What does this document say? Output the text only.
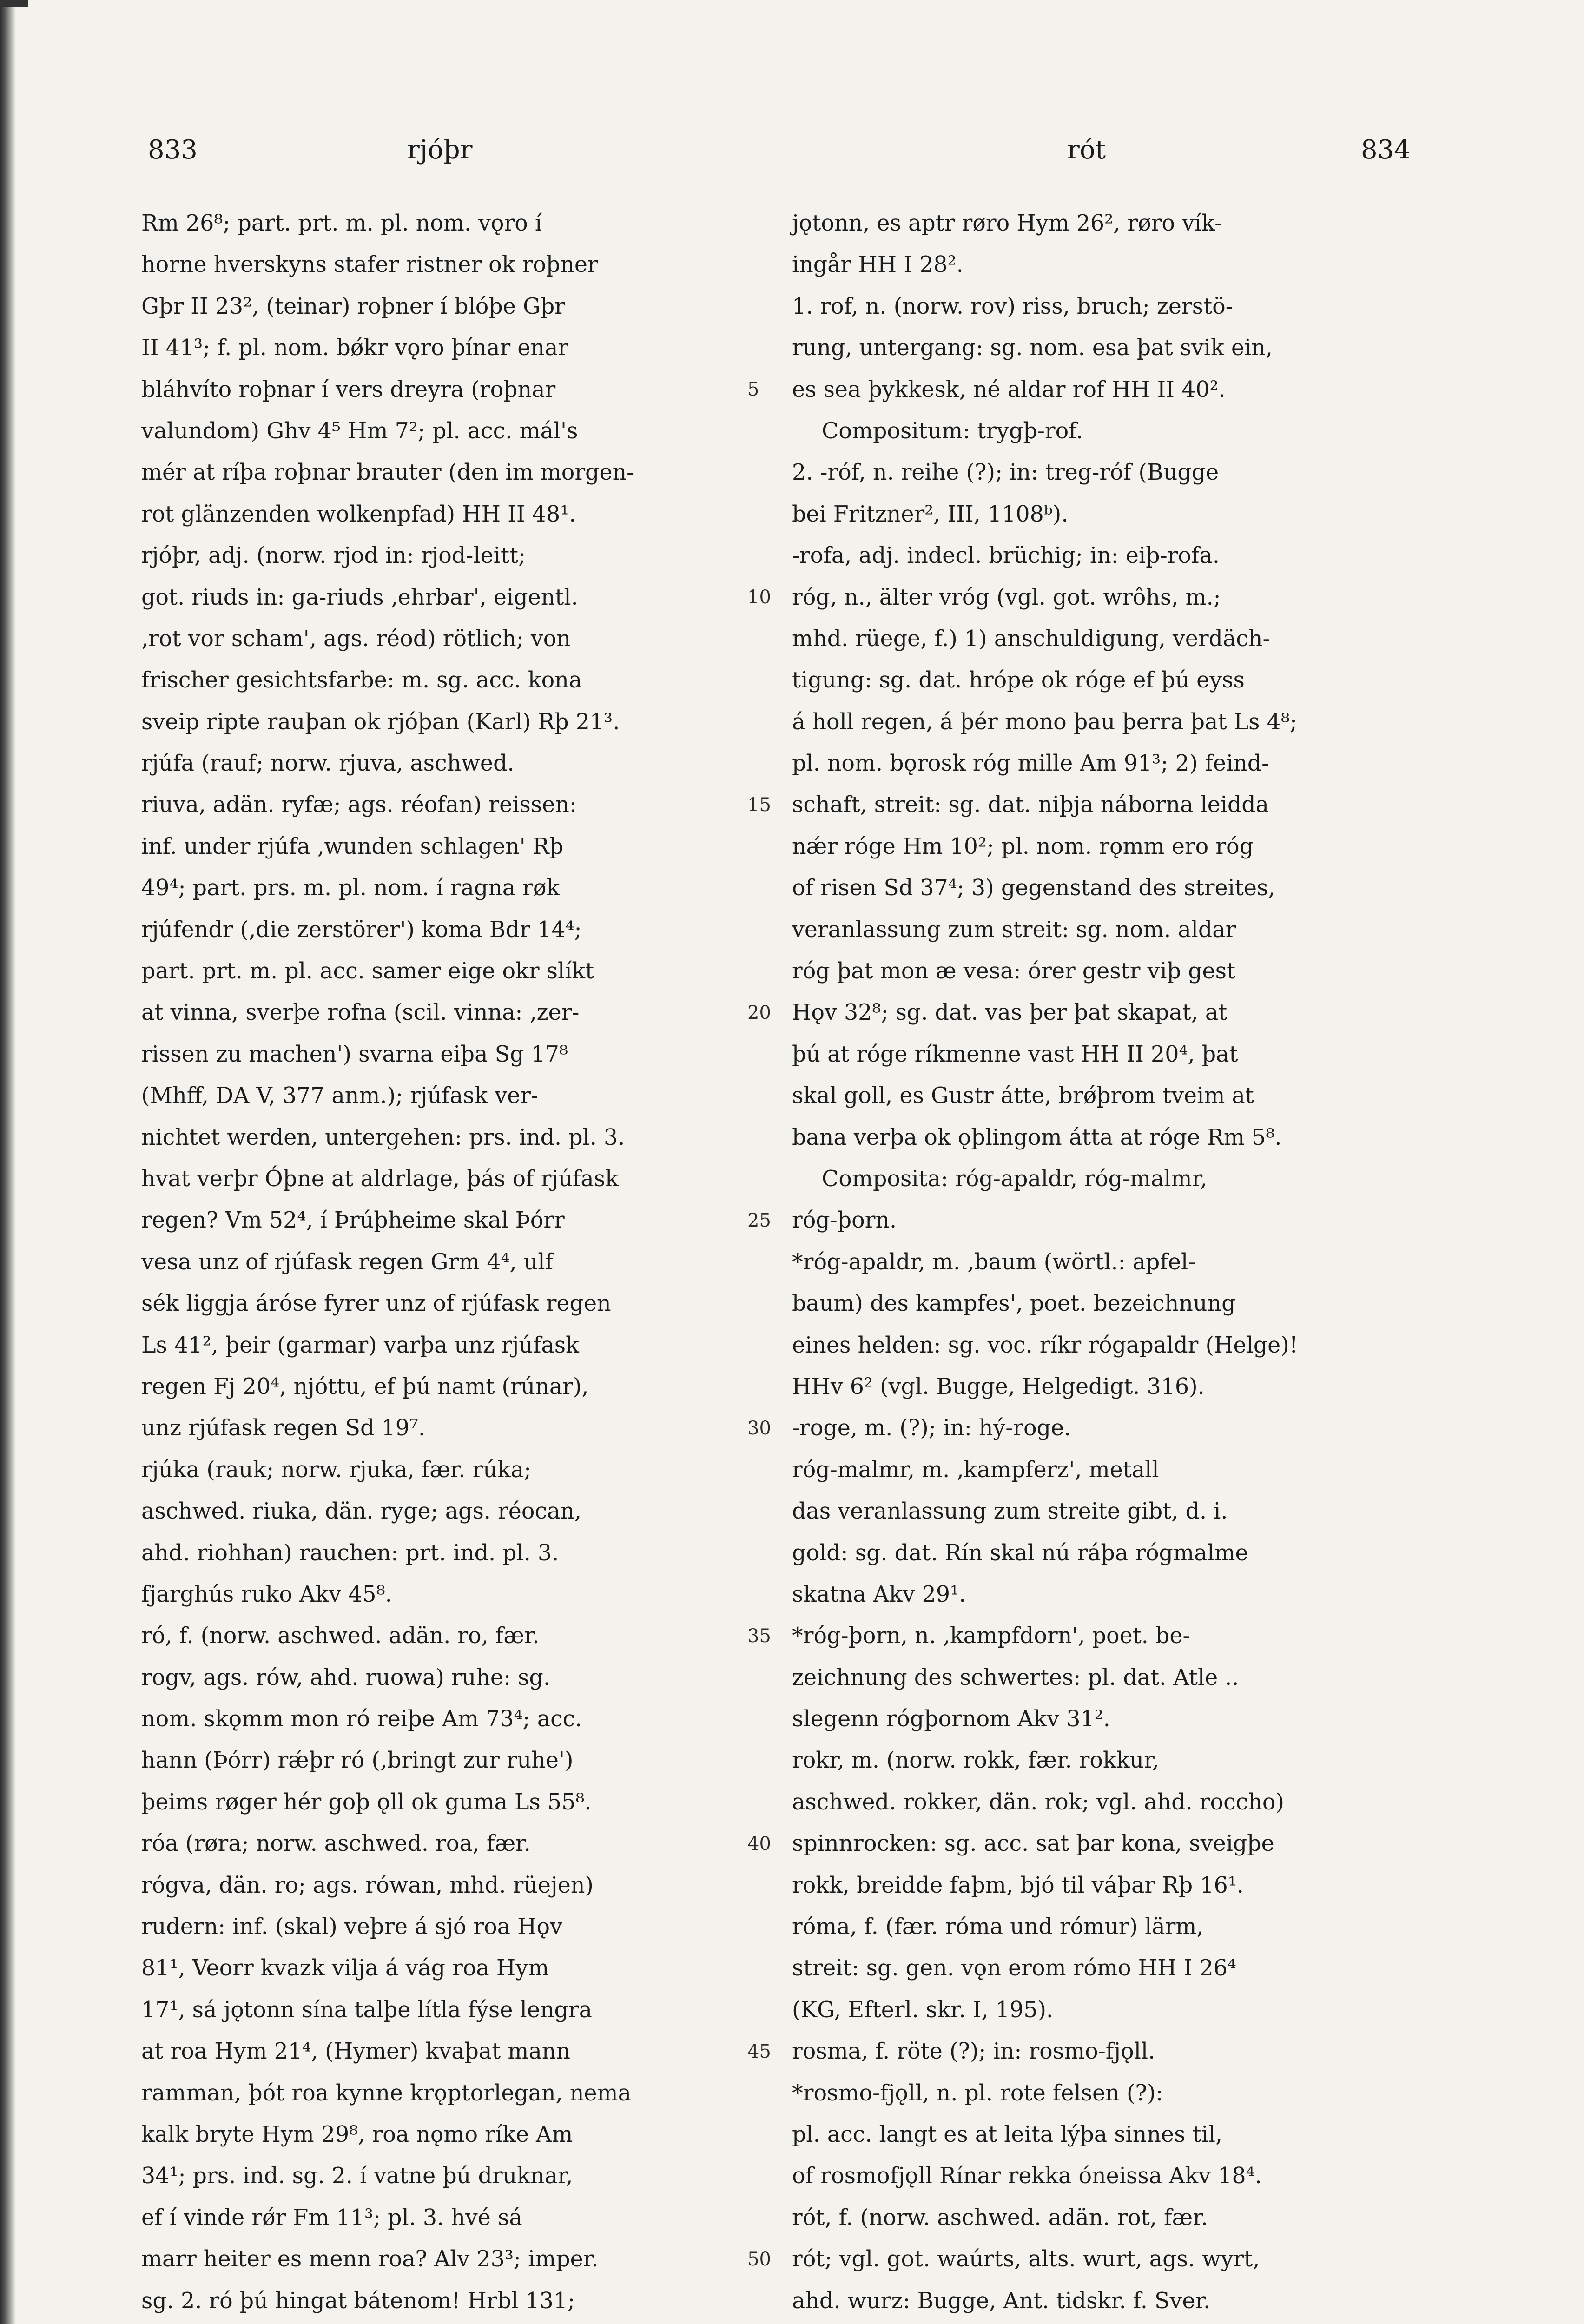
833	rjóþr	rót	834
Rm 26⁸; part. prt. m. pl. nom. vǫro í
horne hverskyns stafer ristner ok roþner
Gþr II 23², (teinar) roþner í blóþe Gþr
II 41³; f. pl. nom. bǿkr vǫro þínar enar
bláhvíto roþnar í vers dreyra (roþnar
valundom) Ghv 4⁵ Hm 7²; pl. acc. mál's
mér at ríþa roþnar brauter (den im morgen-
rot glänzenden wolkenpfad) HH II 48¹.
rjóþr, adj. (norw. rjod in: rjod-leitt;
got. riuds in: ga-riuds ‚ehrbar', eigentl.
‚rot vor scham', ags. réod) rötlich; von
frischer gesichtsfarbe: m. sg. acc. kona
sveip ripte rauþan ok rjóþan (Karl) Rþ 21³.
rjúfa (rauf; norw. rjuva, aschwed.
riuva, adän. ryfæ; ags. réofan) reissen:
inf. under rjúfa ‚wunden schlagen' Rþ
49⁴; part. prs. m. pl. nom. í ragna røk
rjúfendr (‚die zerstörer') koma Bdr 14⁴;
part. prt. m. pl. acc. samer eige okr slíkt
at vinna, sverþe rofna (scil. vinna: ‚zer-
rissen zu machen') svarna eiþa Sg 17⁸
(Mhff, DA V, 377 anm.); rjúfask ver-
nichtet werden, untergehen: prs. ind. pl. 3.
hvat verþr Óþne at aldrlage, þás of rjúfask
regen? Vm 52⁴, í Þrúþheime skal Þórr
vesa unz of rjúfask regen Grm 4⁴, ulf
sék liggja áróse fyrer unz of rjúfask regen
Ls 41², þeir (garmar) varþa unz rjúfask
regen Fj 20⁴, njóttu, ef þú namt (rúnar),
unz rjúfask regen Sd 19⁷.
rjúka (rauk; norw. rjuka, fær. rúka;
aschwed. riuka, dän. ryge; ags. réocan,
ahd. riohhan) rauchen: prt. ind. pl. 3.
fjarghús ruko Akv 45⁸.
ró, f. (norw. aschwed. adän. ro, fær.
rogv, ags. rów, ahd. ruowa) ruhe: sg.
nom. skǫmm mon ró reiþe Am 73⁴; acc.
hann (Þórr) rǽþr ró (‚bringt zur ruhe')
þeims røger hér goþ ǫll ok guma Ls 55⁸.
róa (røra; norw. aschwed. roa, fær.
rógva, dän. ro; ags. rówan, mhd. rüejen)
rudern: inf. (skal) veþre á sjó roa Hǫv
81¹, Veorr kvazk vilja á vág roa Hym
17¹, sá jǫtonn sína talþe lítla fýse lengra
at roa Hym 21⁴, (Hymer) kvaþat mann
ramman, þót roa kynne krǫptorlegan, nema
kalk bryte Hym 29⁸, roa nǫmo ríke Am
34¹; prs. ind. sg. 2. í vatne þú druknar,
ef í vinde rǿr Fm 11³; pl. 3. hvé sá
marr heiter es menn roa? Alv 23³; imper.
sg. 2. ró þú hingat bátenom! Hrbl 131;
jǫtonn, es aptr røro Hym 26², røro vík-
ingår HH I 28².
1. rof, n. (norw. rov) riss, bruch; zerstö-
rung, untergang: sg. nom. esa þat svik ein,
es sea þykkesk, né aldar rof HH II 40².
Compositum: trygþ-rof.
2. -róf, n. reihe (?); in: treg-róf (Bugge
bei Fritzner², III, 1108ᵇ).
-rofa, adj. indecl. brüchig; in: eiþ-rofa.
róg, n., älter vróg (vgl. got. wrôhs, m.;
mhd. rüege, f.) 1) anschuldigung, verdäch-
tigung: sg. dat. hrópe ok róge ef þú eyss
á holl regen, á þér mono þau þerra þat Ls 4⁸;
pl. nom. bǫrosk róg mille Am 91³; 2) feind-
schaft, streit: sg. dat. niþja náborna leidda
nǽr róge Hm 10²; pl. nom. rǫmm ero róg
of risen Sd 37⁴; 3) gegenstand des streites,
veranlassung zum streit: sg. nom. aldar
róg þat mon æ vesa: órer gestr viþ gest
Hǫv 32⁸; sg. dat. vas þer þat skapat, at
þú at róge ríkmenne vast HH II 20⁴, þat
skal goll, es Gustr átte, brǿþrom tveim at
bana verþa ok ǫþlingom átta at róge Rm 5⁸.
Composita: róg-apaldr, róg-malmr,
róg-þorn.
*róg-apaldr, m. ‚baum (wörtl.: apfel-
baum) des kampfes', poet. bezeichnung
eines helden: sg. voc. ríkr rógapaldr (Helge)!
HHv 6² (vgl. Bugge, Helgedigt. 316).
-roge, m. (?); in: hý-roge.
róg-malmr, m. ‚kampferz', metall
das veranlassung zum streite gibt, d. i.
gold: sg. dat. Rín skal nú ráþa rógmalme
skatna Akv 29¹.
*róg-þorn, n. ‚kampfdorn', poet. be-
zeichnung des schwertes: pl. dat. Atle ..
slegenn rógþornom Akv 31².
rokr, m. (norw. rokk, fær. rokkur,
aschwed. rokker, dän. rok; vgl. ahd. roccho)
spinnrocken: sg. acc. sat þar kona, sveigþe
rokk, breidde faþm, bjó til váþar Rþ 16¹.
róma, f. (fær. róma und rómur) lärm,
streit: sg. gen. vǫn erom rómo HH I 26⁴
(KG, Efterl. skr. I, 195).
rosma, f. röte (?); in: rosmo-fjǫll.
*rosmo-fjǫll, n. pl. rote felsen (?):
pl. acc. langt es at leita lýþa sinnes til,
of rosmofjǫll Rínar rekka óneissa Akv 18⁴.
rót, f. (norw. aschwed. adän. rot, fær.
rót; vgl. got. waúrts, alts. wurt, ags. wyrt,
ahd. wurz: Bugge, Ant. tidskr. f. Sver.
5
10
15
20
25
30
35
40
45
50
